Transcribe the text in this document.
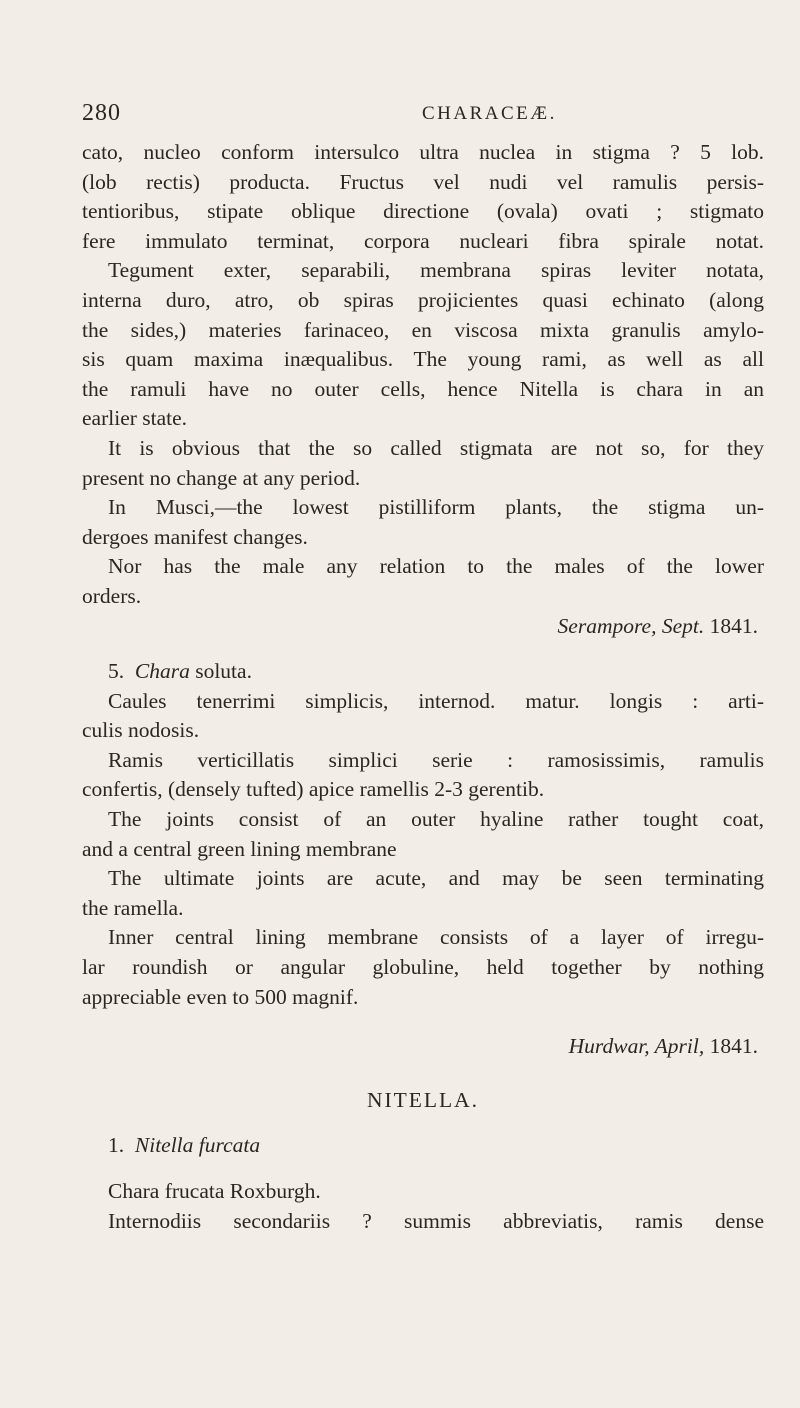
280	CHARACEÆ.
cato, nucleo conform intersulco ultra nuclea in stigma ? 5 lob.
(lob rectis) producta. Fructus vel nudi vel ramulis persis-
tentioribus, stipate oblique directione (ovala) ovati ; stigmato
fere immulato terminat, corpora nucleari fibra spirale notat.
Tegument exter, separabili, membrana spiras leviter notata,
interna duro, atro, ob spiras projicientes quasi echinato (along
the sides,) materies farinaceo, en viscosa mixta granulis amylo-
sis quam maxima inæqualibus. The young rami, as well as all
the ramuli have no outer cells, hence Nitella is chara in an
earlier state.
It is obvious that the so called stigmata are not so, for they
present no change at any period.
In Musci,—the lowest pistilliform plants, the stigma un-
dergoes manifest changes.
Nor has the male any relation to the males of the lower
orders.
Serampore, Sept. 1841.
5. Chara soluta.
Caules tenerrimi simplicis, internod. matur. longis : arti-
culis nodosis.
Ramis verticillatis simplici serie : ramosissimis, ramulis
confertis, (densely tufted) apice ramellis 2-3 gerentib.
The joints consist of an outer hyaline rather tought coat,
and a central green lining membrane
The ultimate joints are acute, and may be seen terminating
the ramella.
Inner central lining membrane consists of a layer of irregu-
lar roundish or angular globuline, held together by nothing
appreciable even to 500 magnif.
Hurdwar, April, 1841.
NITELLA.
1. Nitella furcata
Chara frucata Roxburgh.
Internodiis secondariis ? summis abbreviatis, ramis dense
